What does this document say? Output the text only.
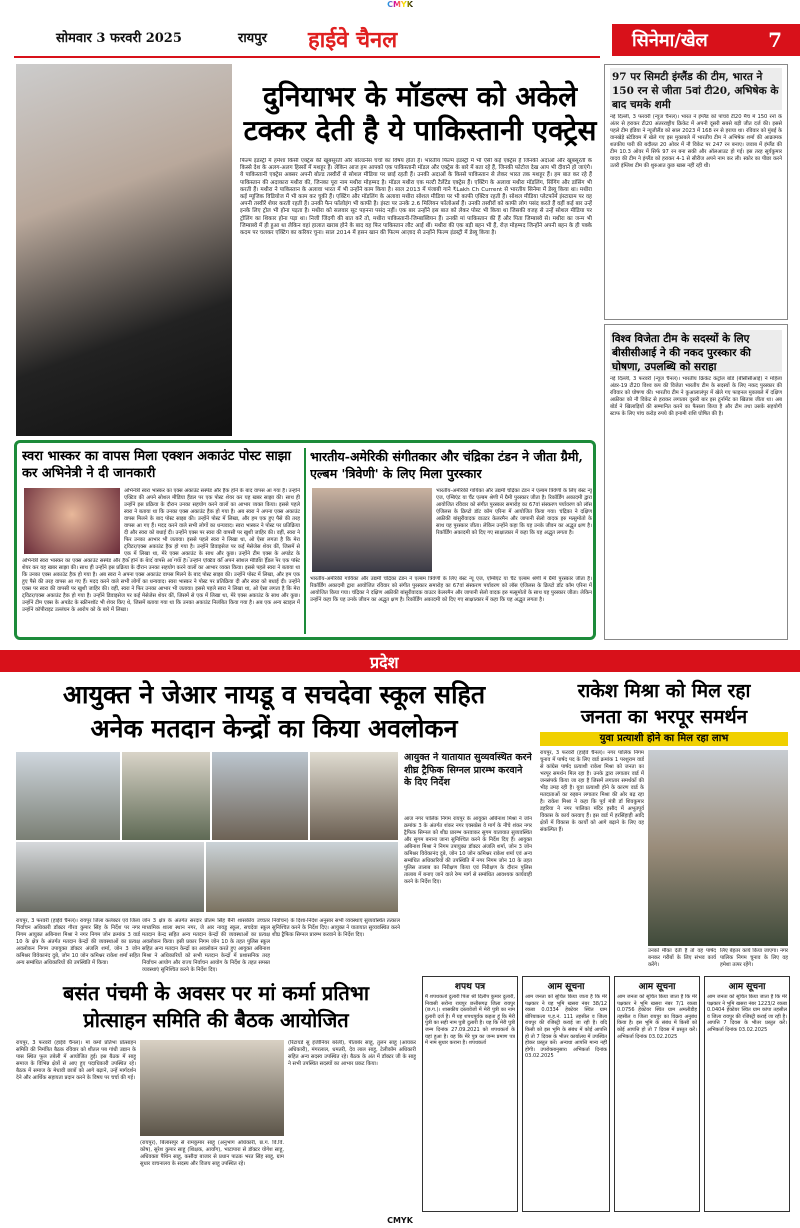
CMYK
सोमवार 3 फरवरी 2025	रायपुर हाईवे चैनल	सिनेमा/खेल	7
दुनियाभर के मॉडल्स को अकेले
टक्कर देती है ये पाकिस्तानी एक्ट्रेस
फिल्म इंडस्ट्री में हमेशा किसी एक्ट्रेस की खूबसूरती और बोल्डनेस चर्चा का विषय होता है। भारतीय फिल्म इंडस्ट्री में भी ऐसी कई एक्ट्रेस हैं जिनकी अदाओं और खूबसूरती के किस्से देश के अलग-अलग हिस्सों में मशहूर हैं। लेकिन आज हम आपको एक पाकिस्तानी मॉडल और एक्ट्रेस के बारे में बता रहे हैं, जिनकी फोटोज देख आप भी दीवाने हो जाएंगे। ये पाकिस्तानी एक्ट्रेस अक्सर अपनी बोल्ड तस्वीरों से सोशल मीडिया पर छाई रहती हैं। उनकी अदाओं के किस्से पाकिस्तान से लेकर भारत तक मशहूर हैं। हम बात कर रहे हैं पाकिस्तान की अदाकारा मथीरा की, जिनका पूरा नाम मथीरा मोहम्मद है। मॉडल मथीरा एक मल्टी टैलेंटेड एक्ट्रेस हैं। एक्टिंग के अलावा मथीरा मॉडलिंग, सिंगिंग और डांसिंग भी करती हैं। मथीरा ने पाकिस्तान के अलावा भारत में भी उन्होंने काम किया है। साल 2013 में पंजाबी गाने ₹Lakh Ch Current से भारतीय सिनेमा में डेब्यू किया था। मथीरा कई म्यूजिक विडियोज में भी काम कर चुकी हैं। एक्टिंग और मॉडलिंग के अलावा मथीरा सोशल मीडिया पर भी काफी एक्टिव रहती हैं। सोशल मीडिया प्लेटफॉर्म इंस्टाग्राम पर वह अपनी तस्वीरें शेयर करती रहती हैं। उनकी फैन फॉलोइंग भी काफी है। इंस्टा पर उनके 2.6 मिलियन फॉलोअर्स हैं। उनकी तस्वीरों को काफी लोग पसंद करते हैं वहीं कई बार उन्हें इनके लिए ट्रोल भी होना पड़ता है। मथीरा को सलवार सूट पहनना पसंद नहीं। एक बार उन्होंने इस बात को लेकर पोस्ट भी किया था जिसकी वजह से उन्हें सोशल मीडिया पर ट्रोलिंग का शिकार होना पड़ा था। निजी जिंदगी की बात करें तो, मथीरा पाकिस्तानी-जिम्बाब्वियन हैं। उनकी मां पाकिस्तान की हैं और पिता जिम्बाब्वे से। मथीरा का जन्म भी जिम्बाब्वे में ही हुआ था लेकिन वहां हालात खराब होने के बाद वह फिर पाकिस्तान लौट आईं थीं। मथीरा की एक बड़ी बहन भी हैं, रोज़ मोहम्मद जिन्होंने अपनी बहन के ही पक्के कदम पर चलकर एक्टिंग का करियर चुना। साल 2014 में हसन खान की फिल्म आज़ाद से उन्होंने फिल्म इंडस्ट्री में डेब्यू किया है।
स्वरा भास्कर का वापस मिला एक्शन अकाउंट पोस्ट साझा कर अभिनेत्री ने दी जानकारी
अभिनेत्री स्वरा भास्कर का एक्स अकाउंट सस्पेंड और हैक होने के बाद वापस आ गया है। उन्होंने एक्टिव की अपने सोशल मीडिया हैंडल पर एक पोस्ट शेयर कर यह खबर साझा की। साथ ही उन्होंने इस प्रक्रिया के दौरान उनका सहयोग करने वालों का आभार व्यक्त किया। इससे पहले स्वरा ने बताया था कि उनका एक्स अकाउंट हैक हो गया है। अब स्वरा ने अपना एक्स अकाउंट वापस मिलने के बाद पोस्ट साझा की। उन्होंने पोस्ट में लिखा, और हम एक हुए पैसे की तरह वापस आ गए हैं। मदद करने वाले सभी लोगों का धन्यवाद। स्वरा भास्कर ने पोस्ट पर प्रतिक्रिया दी और स्वरा को बधाई दी। उन्होंने एक्स पर स्वरा की वापसी पर खुशी जाहिर की। वहीं, स्वरा ने फिर उनका आभार भी जताया। इससे पहले स्वरा ने लिखा था, ओ ऐसा लगता है कि मेरा ट्विटर/एक्स अकाउंट हैक हो गया है। उन्होंने डिवाइसेज पर कई मेसेजेस शेयर कीं, जिसमें से एक में लिखा था, मेरे एक्स अकाउंट के साथ और कुछ। उन्होंने टीम एक्स के अपडेट के
अभिनेत्री स्वरा भास्कर का एक्स अकाउंट सस्पेंड और हैक होने के बाद वापस आ गया है। उन्होंने एक्टिव की अपने सोशल मीडिया हैंडल पर एक पोस्ट शेयर कर यह खबर साझा की। साथ ही उन्होंने इस प्रक्रिया के दौरान उनका सहयोग करने वालों का आभार व्यक्त किया। इससे पहले स्वरा ने बताया था कि उनका एक्स अकाउंट हैक हो गया है। अब स्वरा ने अपना एक्स अकाउंट वापस मिलने के बाद पोस्ट साझा की। उन्होंने पोस्ट में लिखा, और हम एक हुए पैसे की तरह वापस आ गए हैं। मदद करने वाले सभी लोगों का धन्यवाद। स्वरा भास्कर ने पोस्ट पर प्रतिक्रिया दी और स्वरा को बधाई दी। उन्होंने एक्स पर स्वरा की वापसी पर खुशी जाहिर की। वहीं, स्वरा ने फिर उनका आभार भी जताया। इससे पहले स्वरा ने लिखा था, ओ ऐसा लगता है कि मेरा ट्विटर/एक्स अकाउंट हैक हो गया है। उन्होंने डिवाइसेज पर कई मेसेजेस शेयर कीं, जिसमें से एक में लिखा था, मेरे एक्स अकाउंट के साथ और कुछ। उन्होंने टीम एक्स के अपडेट के स्क्रीनशॉट भी शेयर किए थे, जिसमें बताया गया था कि उनका अकाउंट निलंबित किया गया है। अब एक अन्य स्टाइल में उन्होंने कॉपीराइट उल्लंघन के आरोप को के बारे में लिखा।
भारतीय-अमेरिकी संगीतकार और चंद्रिका टंडन ने जीता ग्रैमी, एल्बम 'त्रिवेणी' के लिए मिला पुरस्कार
भारतीय-अमेरिकी गायिका और उद्यमी चंद्रिका टंडन ने एल्बम त्रिवेणी के लिए बेस्ट न्यू एज, एम्बिएंट या चैंट एल्बम श्रेणी में ग्रैमी पुरस्कार जीता है। रिकॉर्डिंग अकादमी द्वारा आयोजित रविवार को संगीत पुरस्कार समारोह का 67वां संस्करण पर्यावरण को लॉस एंजिलस के क्रिप्टो डॉट कॉम एरिना में आयोजित किया गया। चंद्रिका ने दक्षिण अफ्रीकी बांसुरीवादक वाउटर केलरमैन और जापानी सेलो वादक इरु मत्सुमोतो के साथ यह पुरस्कार जीता। लेकिन उन्होंने कहा कि यह उनके जीवन का अद्भुत क्षण है। रिकॉर्डिंग अकादमी को दिए गए साक्षात्कार में कहा कि यह अद्भुत लगता है।
भारतीय-अमेरिकी गायिका और उद्यमी चंद्रिका टंडन ने एल्बम त्रिवेणी के लिए बेस्ट न्यू एज, एम्बिएंट या चैंट एल्बम श्रेणी में ग्रैमी पुरस्कार जीता है। रिकॉर्डिंग अकादमी द्वारा आयोजित रविवार को संगीत पुरस्कार समारोह का 67वां संस्करण पर्यावरण को लॉस एंजिलस के क्रिप्टो डॉट कॉम एरिना में आयोजित किया गया। चंद्रिका ने दक्षिण अफ्रीकी बांसुरीवादक वाउटर केलरमैन और जापानी सेलो वादक इरु मत्सुमोतो के साथ यह पुरस्कार जीता। लेकिन उन्होंने कहा कि यह उनके जीवन का अद्भुत क्षण है। रिकॉर्डिंग अकादमी को दिए गए साक्षात्कार में कहा कि यह अद्भुत लगता है।
97 पर सिमटी इंग्लैंड की टीम, भारत ने 150 रन से जीता 5वां टी20, अभिषेक के बाद चमके शमी
नई दिल्ली, 3 फरवरी (न्यूज चैनल)। भारत ने इंग्लैंड को पांचवें टी20 मैच में 150 रनों के अंतर से हराकर टी20 अंतरराष्ट्रीय क्रिकेट में अपनी दूसरी सबसे बड़ी जीत दर्ज की। इससे पहले टीम इंडिया ने न्यूजीलैंड को साल 2023 में 168 रन से हराया था। रविवार को मुंबई के वानखेड़े स्टेडियम में खेले गए इस मुकाबले में भारतीय टीम ने अभिषेक शर्मा की आक्रामक शतकीय पारी की बदौलत 20 ओवर में नौ विकेट पर 247 रन बनाए। जवाब में इंग्लैंड की टीम 10.3 ओवर में सिर्फ 97 रन बना सकी और ऑलआउट हो गई। इस तरह सूर्यकुमार यादव की टीम ने इंग्लैंड को हराकर 4-1 से सीरीज अपने नाम कर ली। स्कोर का पीछा करने उतरी इंग्लिश टीम की शुरुआत कुछ खास नहीं रही थी।
विश्व विजेता टीम के सदस्यों के लिए बीसीसीआई ने की नकद पुरस्कार की घोषणा, उपलब्धि को सराहा
नई दिल्ली, 3 फरवरी (न्यूज चैनल)। भारतीय क्रिकेट कंट्रोल बोर्ड (बीसीसीआई) ने महिला अंडर-19 टी20 विश्व कप की विजेता भारतीय टीम के सदस्यों के लिए नकद पुरस्कार की रविवार को घोषणा की। भारतीय टीम ने कुआलालंपुर में खेले गए फाइनल मुकाबले में दक्षिण अफ्रीका को नौ विकेट से हराकर लगातार दूसरी बार इस टूर्नामेंट का खिताब जीता था। अब बोर्ड ने खिलाड़ियों की सम्मानित करने का फैसला किया है और टीम तथा उसके सहयोगी स्टाफ के लिए पांच करोड़ रुपये की इनामी राशि घोषित की है।
प्रदेश
आयुक्त ने जेआर नायडू व सचदेवा स्कूल सहित
अनेक मतदान केन्द्रों का किया अवलोकन
आयुक्त ने यातायात सुव्यवस्थित करने शीघ्र ट्रैफिक सिग्नल प्रारम्भ करवाने के दिए निर्देश
आज नगर पालिक निगम रायपुर के आयुक्त अबिनाश मिश्रा ने जोन क्रमांक 3 के अंतर्गत शंकर नगर एक्सप्रेस वे मार्ग के नीचे शंकर नगर ट्रैफिक सिग्नल को शीघ्र प्रारम्भ करवाकर सुगम यातायात सुव्यवस्थित और सुगम बनाना जाना सुनिश्चित करने के निर्देश दिए हैं। आयुक्त अबिनाश मिश्रा ने निगम उपायुक्त डॉक्टर अंजलि शर्मा, जोन 3 जोन कमिश्नर विवेकानंद दुबे, जोन 10 जोन कमिश्नर राकेश शर्मा एवं अन्य सम्बंधित अधिकारियों की उपस्थिति में नगर निगम जोन 10 के तहत पुलिस तालाब का निरीक्षण किया एवं निरीक्षण के दौरान पुलिस तालाब में बनाए जाने वाले रेम्प मार्ग से सम्बंधित आवश्यक कार्यवाही करने के निर्देश दिए।
रायपुर, 3 फरवरी (हाईवे चैनल)। रायपुर जिला कलेक्टर एवं जिला निर्वाचन अधिकारी डॉक्टर गौरव कुमार सिंह के निर्देश पर नगर निगम आयुक्त अबिनाश मिश्रा ने नगर निगम जोन क्रमांक 3 वार्ड 10 के क्षेत्र के अंतर्गत मतदान केन्द्रों की व्यवस्थाओं का प्रत्यक्ष अवलोकन निगम उपायुक्त डॉक्टर अंजलि शर्मा, जोन 3 जोन कमिश्नर विवेकानंद दुबे, जोन 10 जोन कमिश्नर राकेश शर्मा सहित अन्य सम्बंधित अधिकारियों की उपस्थिति में किया।
जोन 3 क्षेत्र के अंतर्गत सरदार प्रीतम सिंह बैनी शासकीय उच्चतर माध्यमिक शाला स्थान नगर, जे आर नायडू स्कूल, सचदेवा स्कूल मतदान केन्द्र सहित अन्य मतदान केन्द्रों की व्यवस्थाओं का प्रत्यक्ष अवलोकन किया। इसी प्रकार निगम जोन 10 के तहत पुलिस स्कूल सहित अन्य मतदान केन्द्रों का अवलोकन करते हुए आयुक्त अबिनाश मिश्रा ने अधिकारियों को सभी मतदान केन्द्रों में प्रशासनिक तरह निर्वाचन आयोग और राज्य निर्वाचन आयोग के निर्देश के तहत समस्त व्यवस्थाएं सुनिश्चित करने के निर्देश दिए।
निर्वाचन) के दिशा-निर्देश अनुसार सभी व्यवस्थाएं सुव्यवस्थित तत्काल सुनिश्चित करने के निर्देश दिए। आयुक्त ने यातायात सुव्यवस्थित करने शीघ्र ट्रैफिक सिग्नल प्रारम्भ करवाने के निर्देश दिए।
राकेश मिश्रा को मिल रहा
जनता का भरपूर समर्थन
युवा प्रत्याशी होने का मिल रहा लाभ
रायपुर, 3 फरवरी (हाईवे चैनल)। नगर पालिक निगम चुनाव में पार्षद पद के लिए वार्ड क्रमांक 1 परशुराम वार्ड से कांग्रेस पार्षद प्रत्याशी राकेश मिश्रा को जनता का भरपूर समर्थन मिल रहा है। उनके द्वारा लगातार वार्ड में जनसंपर्क किया जा रहा है जिसमें लगातार समर्थकों की भीड़ उमड़ रही है। युवा प्रत्याशी होने के कारण वार्ड के मतदाताओं का रुझान लगातार मिश्रा की ओर बढ़ रहा है। राकेश मिश्रा ने कहा कि पूर्व मंत्री डॉ शिवकुमार डहरिया ने नगर पालिका मंदिर हसौद में अभूतपूर्व विकास के कार्य करवाए हैं। इस वार्ड में हरसिंहाही आदि क्षेत्रों में विकास के कार्यों को आगे बढ़ाने के लिए वह संकल्पित हैं।
उनको मौका देती है तो वह पार्षद बनकर गरीबों के लिए संभव कार्य करेंगे।
लिए बेहतर कार्य किया जाएगा। नगर पालिक निगम चुनाव के लिए वह हमेशा तत्पर रहेंगे।
बसंत पंचमी के अवसर पर मां कर्मा प्रतिभा
प्रोत्साहन समिति की बैठक आयोजित
रायपुर, 3 फरवरी (हाईवे चैनल)। मां कर्मा प्रतिभा प्रोत्साहन समिति की निमंत्रित बैठक रविवार को शीतल पब गांधी उद्यान के पास स्थित फूल तबेली में आयोजित हुई। इस बैठक में साहू समाज के विभिन्न क्षेत्रों से आए हुए पदाधिकारी उपस्थित रहे। बैठक में समाज के मेधावी छात्रों को आगे बढ़ाने, उन्हें मार्गदर्शन देने और आर्थिक सहायता प्रदान करने के विषय पर चर्चा की गई।
(रायपुर), बिलासपुर से रामकुमार साहू (अनुभाग अधिकारी, छ.ग. वि.वि. कोष), सुरेश कुमार साहू (शिक्षक, आर्यांग), भाटापारा से डॉक्टर योगेश साहू, अधिवक्ता पैथिन साहू, कसौदा बाजार से प्रधान पाठक भरत सिंह साहू, ग्राम सुधार वाचनालय के सदस्य और विजय साहू उपस्थित रहे।
(रिटायर्ड सु इंजीनियर बरेली), पीताबेर साहू, तुलन साहू (आयकर अधिकारी), मंगरलाल, धमतरी, देव लाल साहू, टेलीकॉम अधिकारी सहित अन्य सदस्य उपस्थित रहे। बैठक के अंत में डॉक्टर जी के साहू ने सभी उपस्थित सदस्यों का आभार प्रकट किया।
शपथ पत्र
मैं शपथकर्ता दुलारी पिता श्री दिलीप कुमार दुलारी, निवासी सरोना रायपुर छत्तीसगढ़ जिला रायपुर (छ.ग.)। शासकीय दस्तावेजों में मेरी पुत्री का नाम दुलारी दर्ज है। मैं यह शपथपूर्वक कहता हूं कि मेरी पुत्री का सही नाम पुत्री दुलारी है। यह कि मेरी पुत्री जन्म दिनांक 27.09.2021 को शपथकर्ता के यहां हुआ है। यह कि मेरे पुत्र का जन्म प्रमाण पत्र में नाम सुधार कराना है। शपथकर्ता
आम सूचना
आम जनता को सूचित किया जाता है कि मेरे पक्षकार ने यह भूमि खसरा नंबर 38/12 रकबा 0.0334 हेक्टेयर स्थित ग्राम बोरियाकला प.ह.नं. 111 तहसील व जिला रायपुर की रजिस्ट्री कराई जा रही है। यदि किसी को इस भूमि के संबंध में कोई आपत्ति हो तो 7 दिवस के भीतर कार्यालय में उपस्थित होकर प्रस्तुत करें। अन्यथा आपत्ति मान्य नहीं होगी। उपरोक्तानुसार। अभिकर्ता दिनांक 03.02.2025
आम सूचना
आम जनता को सूचित किया जाता है कि मेरे पक्षकार ने भूमि खसरा नंबर 7/1 रकबा 0.0756 हेक्टेयर स्थित ग्राम अमलीडीह तहसील व जिला रायपुर का विक्रय अनुबंध किया है। इस भूमि के संबंध में किसी को कोई आपत्ति हो तो 7 दिवस में प्रस्तुत करें। अभिकर्ता दिनांक 03.02.2025
आम सूचना
आम जनता को सूचित किया जाता है कि मेरे पक्षकार ने भूमि खसरा नंबर 1223/2 रकबा 0.0404 हेक्टेयर स्थित ग्राम कांपा तहसील व जिला रायपुर की रजिस्ट्री कराई जा रही है। आपत्ति 7 दिवस के भीतर प्रस्तुत करें। अभिकर्ता दिनांक 03.02.2025
CMYK
